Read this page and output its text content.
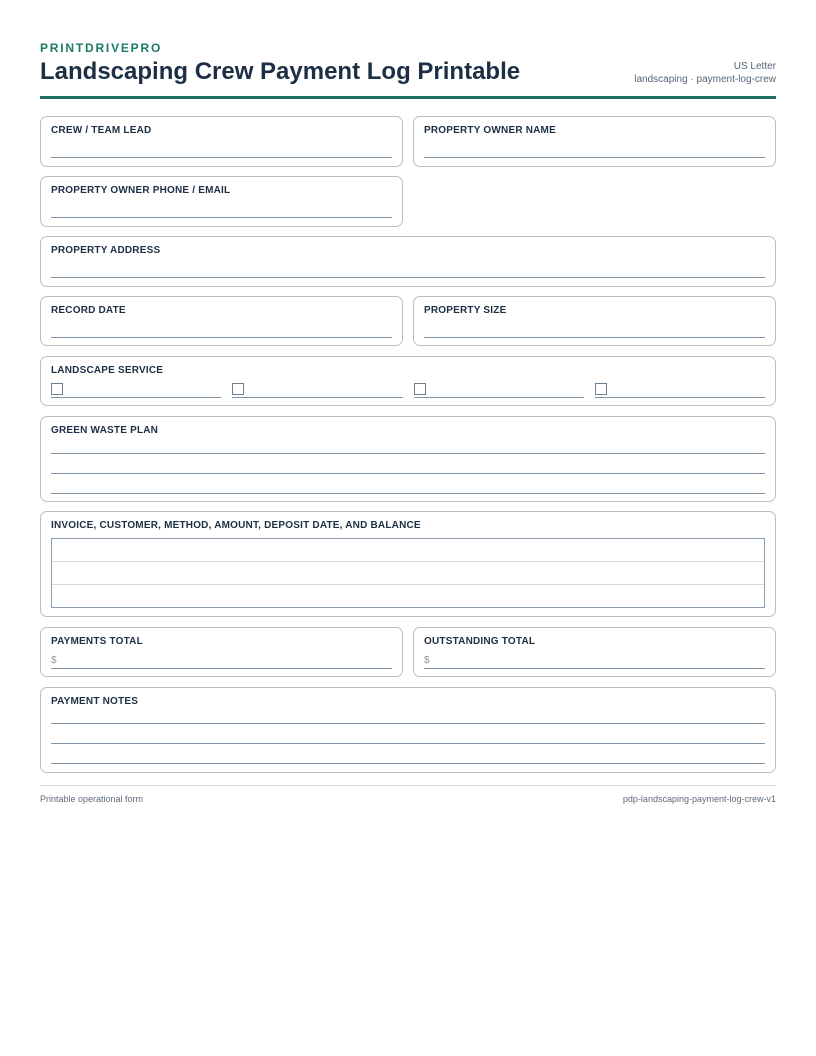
PRINTDRIVEPRO
Landscaping Crew Payment Log Printable	US Letter
landscaping · payment-log-crew
CREW / TEAM LEAD	PROPERTY OWNER NAME
PROPERTY OWNER PHONE / EMAIL
PROPERTY ADDRESS
RECORD DATE	PROPERTY SIZE
LANDSCAPE SERVICE
GREEN WASTE PLAN
INVOICE, CUSTOMER, METHOD, AMOUNT, DEPOSIT DATE, AND BALANCE
PAYMENTS TOTAL
$
OUTSTANDING TOTAL
$
PAYMENT NOTES
Printable operational form	pdp-landscaping-payment-log-crew-v1
